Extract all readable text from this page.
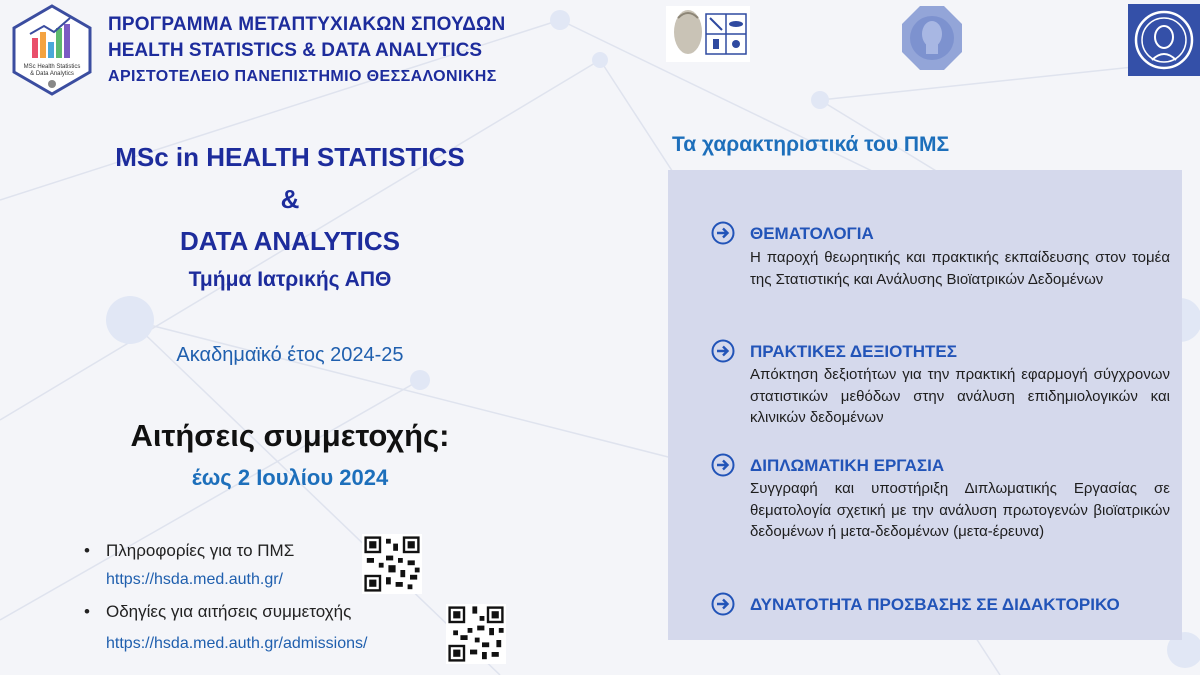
MSc Health Statistics
& Data Analytics
ΠΡΟΓΡΑΜΜΑ ΜΕΤΑΠΤΥΧΙΑΚΩΝ ΣΠΟΥΔΩΝ
HEALTH STATISTICS & DATA ANALYTICS
ΑΡΙΣΤΟΤΕΛΕΙΟ ΠΑΝΕΠΙΣΤΗΜΙΟ ΘΕΣΣΑΛΟΝΙΚΗΣ
MSc in HEALTH STATISTICS
&
DATA ANALYTICS
Τμήμα Ιατρικής ΑΠΘ
Ακαδημαϊκό έτος 2024-25
Αιτήσεις συμμετοχής:
έως 2 Ιουλίου 2024
• Πληροφορίες για το ΠΜΣ
https://hsda.med.auth.gr/
• Οδηγίες για αιτήσεις συμμετοχής
https://hsda.med.auth.gr/admissions/
Τα χαρακτηριστικά του ΠΜΣ
ΘΕΜΑΤΟΛΟΓΙΑ
Η παροχή θεωρητικής και πρακτικής εκπαίδευσης στον τομέα της Στατιστικής και Ανάλυσης Βιοϊατρικών Δεδομένων
ΠΡΑΚΤΙΚΕΣ ΔΕΞΙΟΤΗΤΕΣ
Απόκτηση δεξιοτήτων για την πρακτική εφαρμογή σύγχρονων στατιστικών μεθόδων στην ανάλυση επιδημιολογικών και κλινικών δεδομένων
ΔΙΠΛΩΜΑΤΙΚΗ ΕΡΓΑΣΙΑ
Συγγραφή και υποστήριξη Διπλωματικής Εργασίας σε θεματολογία σχετική με την ανάλυση πρωτογενών βιοϊατρικών δεδομένων ή μετα-δεδομένων (μετα-έρευνα)
ΔΥΝΑΤΟΤΗΤΑ ΠΡΟΣΒΑΣΗΣ ΣΕ ΔΙΔΑΚΤΟΡΙΚΟ
